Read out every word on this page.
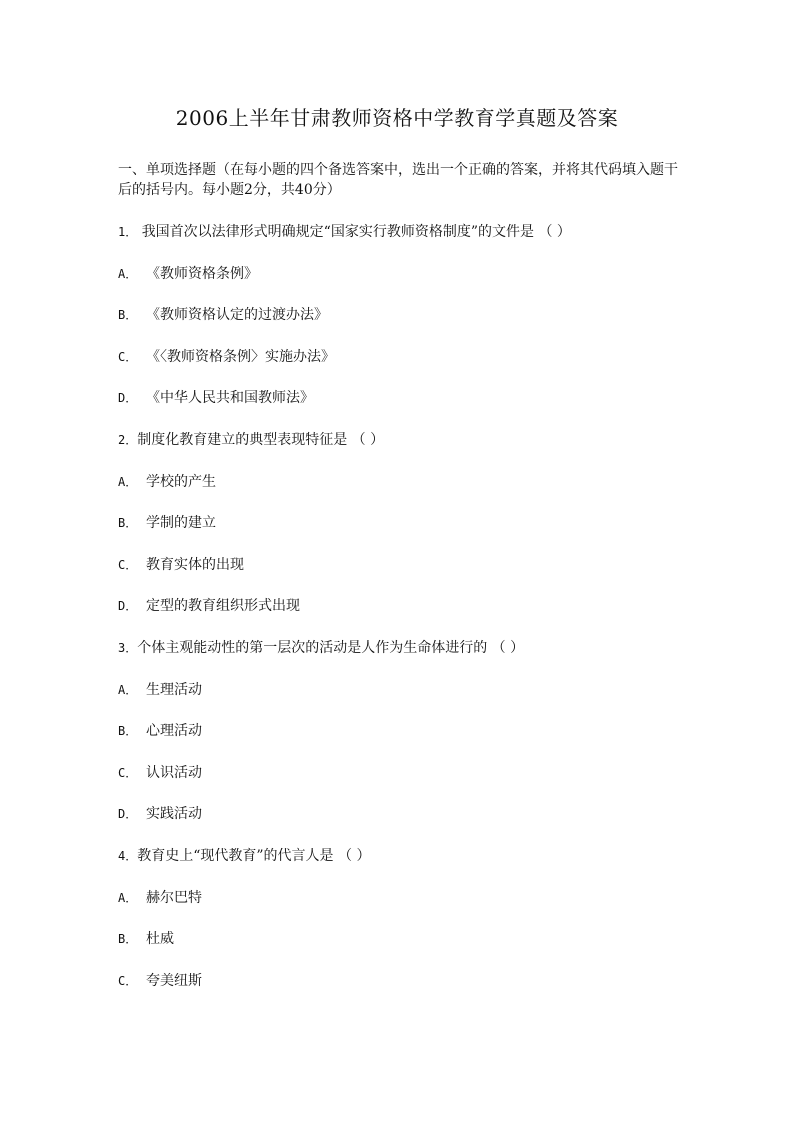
2006上半年甘肃教师资格中学教育学真题及答案
一、单项选择题（在每小题的四个备选答案中，选出一个正确的答案，并将其代码填入题干后的括号内。每小题2分，共40分）
1． 我国首次以法律形式明确规定“国家实行教师资格制度”的文件是 （ ）
A． 《教师资格条例》
B． 《教师资格认定的过渡办法》
C． 《〈教师资格条例〉实施办法》
D． 《中华人民共和国教师法》
2．制度化教育建立的典型表现特征是 （ ）
A． 学校的产生
B． 学制的建立
C． 教育实体的出现
D． 定型的教育组织形式出现
3．个体主观能动性的第一层次的活动是人作为生命体进行的 （ ）
A． 生理活动
B． 心理活动
C． 认识活动
D． 实践活动
4．教育史上“现代教育”的代言人是 （ ）
A． 赫尔巴特
B． 杜威
C． 夸美纽斯
